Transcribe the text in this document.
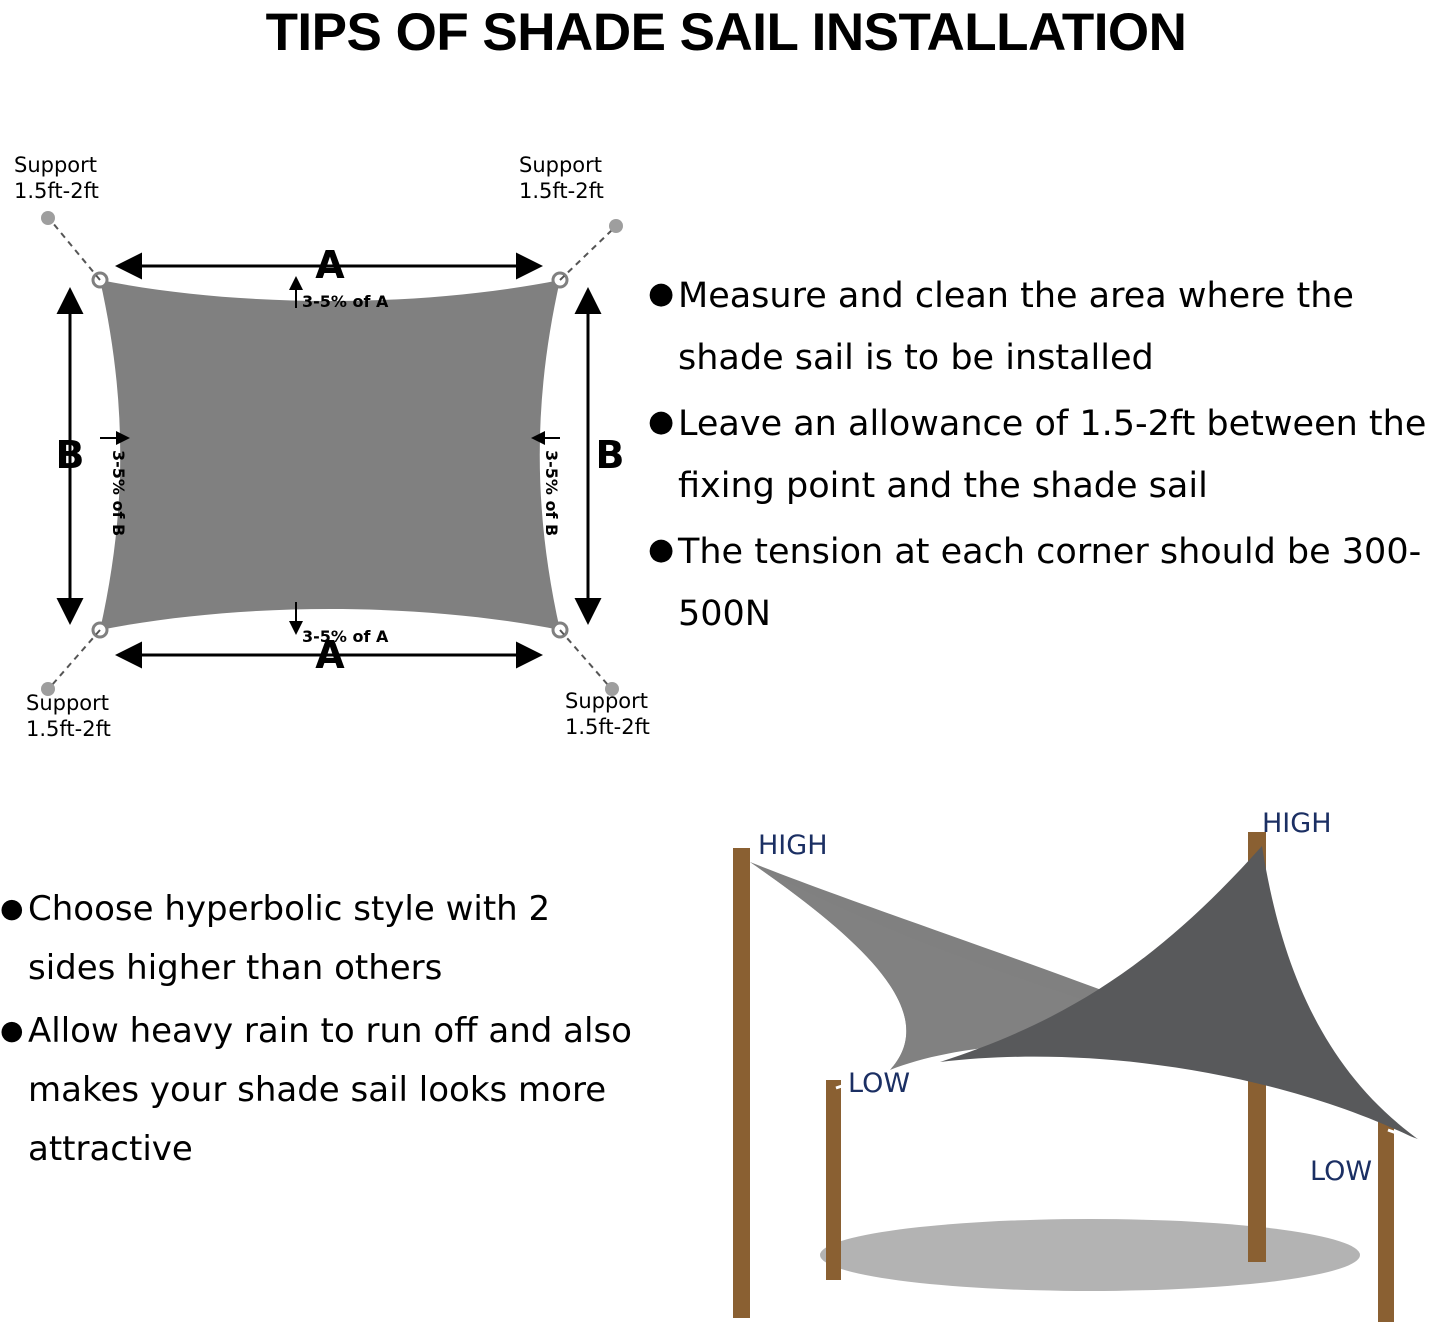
TIPS OF SHADE SAIL INSTALLATION
A
A
B	B
3-5% of A
3-5% of A
3-5% of B	3-5% of B
Support
1.5ft-2ft
Support
1.5ft-2ft
Support
1.5ft-2ft
Support
1.5ft-2ft
● Measure and clean the area where the shade sail is to be installed
● Leave an allowance of 1.5-2ft between the fixing point and the shade sail
● The tension at each corner should be 300-500N
● Choose hyperbolic style with 2 sides higher than others
● Allow heavy rain to run off and also makes your shade sail looks more attractive
HIGH
HIGH
LOW
LOW
